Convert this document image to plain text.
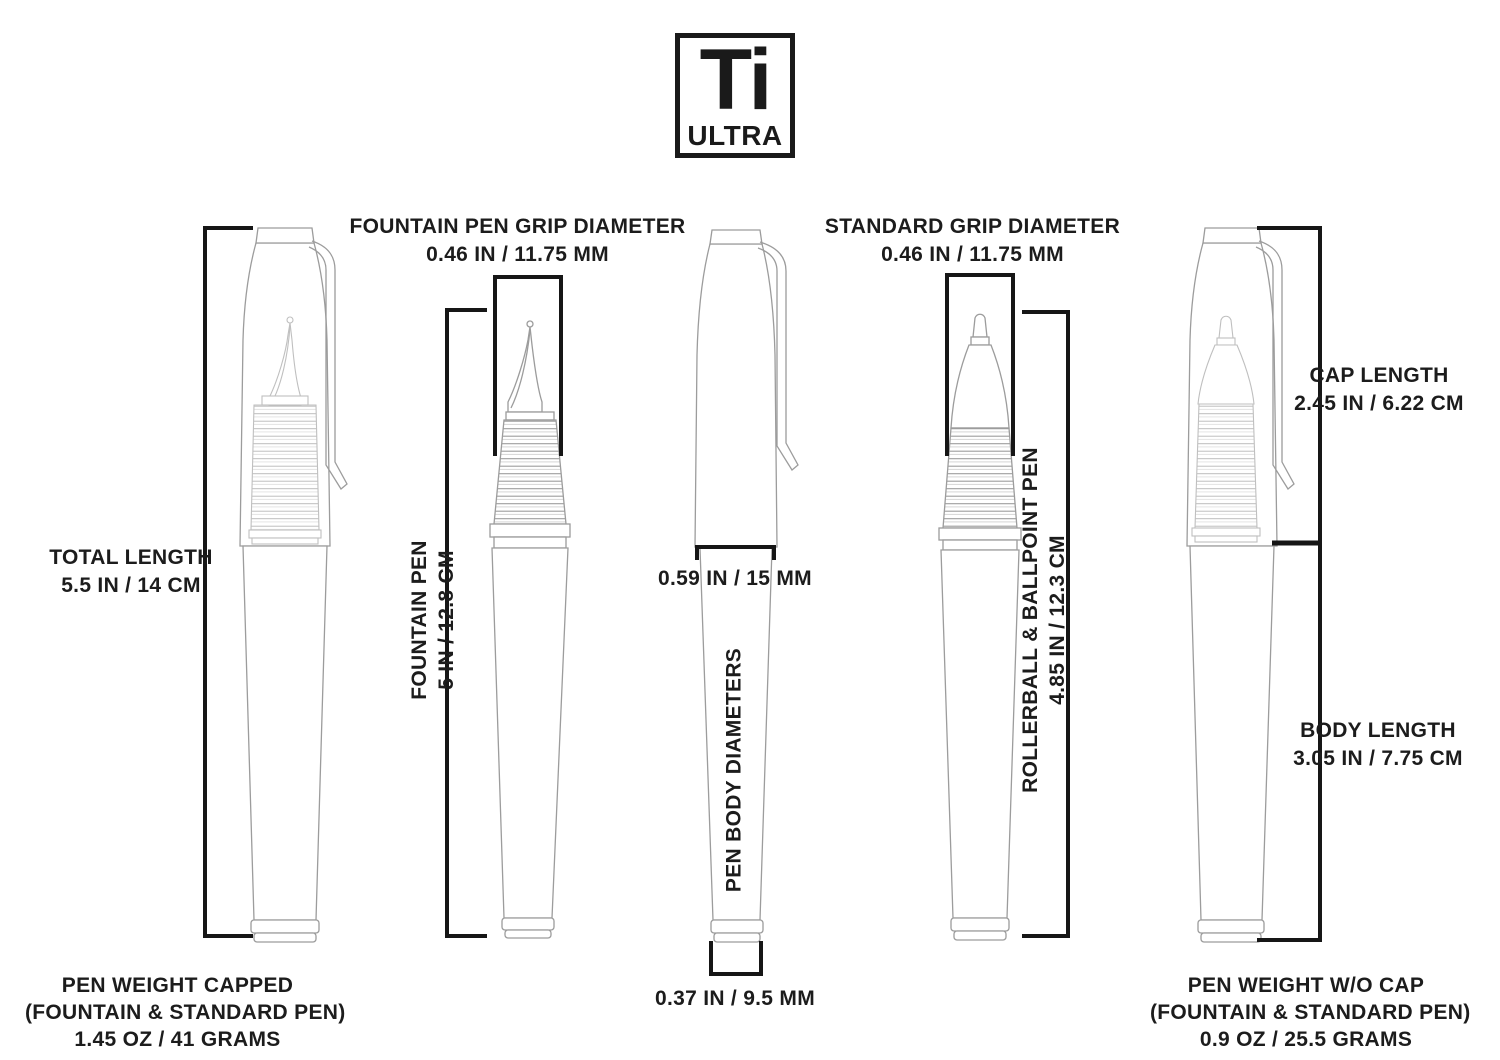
Ti
ULTRA
FOUNTAIN PEN GRIP DIAMETER
0.46 IN / 11.75 MM
STANDARD GRIP DIAMETER
0.46 IN / 11.75 MM
TOTAL LENGTH
5.5 IN / 14 CM
CAP LENGTH
2.45 IN / 6.22 CM
BODY LENGTH
3.05 IN / 7.75 CM
0.59 IN / 15 MM
0.37 IN / 9.5 MM
PEN WEIGHT CAPPED
(FOUNTAIN & STANDARD PEN)
1.45 OZ / 41 GRAMS
PEN WEIGHT W/O CAP
(FOUNTAIN & STANDARD PEN)
0.9 OZ / 25.5 GRAMS
FOUNTAIN PEN 5 IN / 12.8 CM	ROLLERBALL & BALLPOINT PEN 4.85 IN / 12.3 CM
PEN BODY DIAMETERS
